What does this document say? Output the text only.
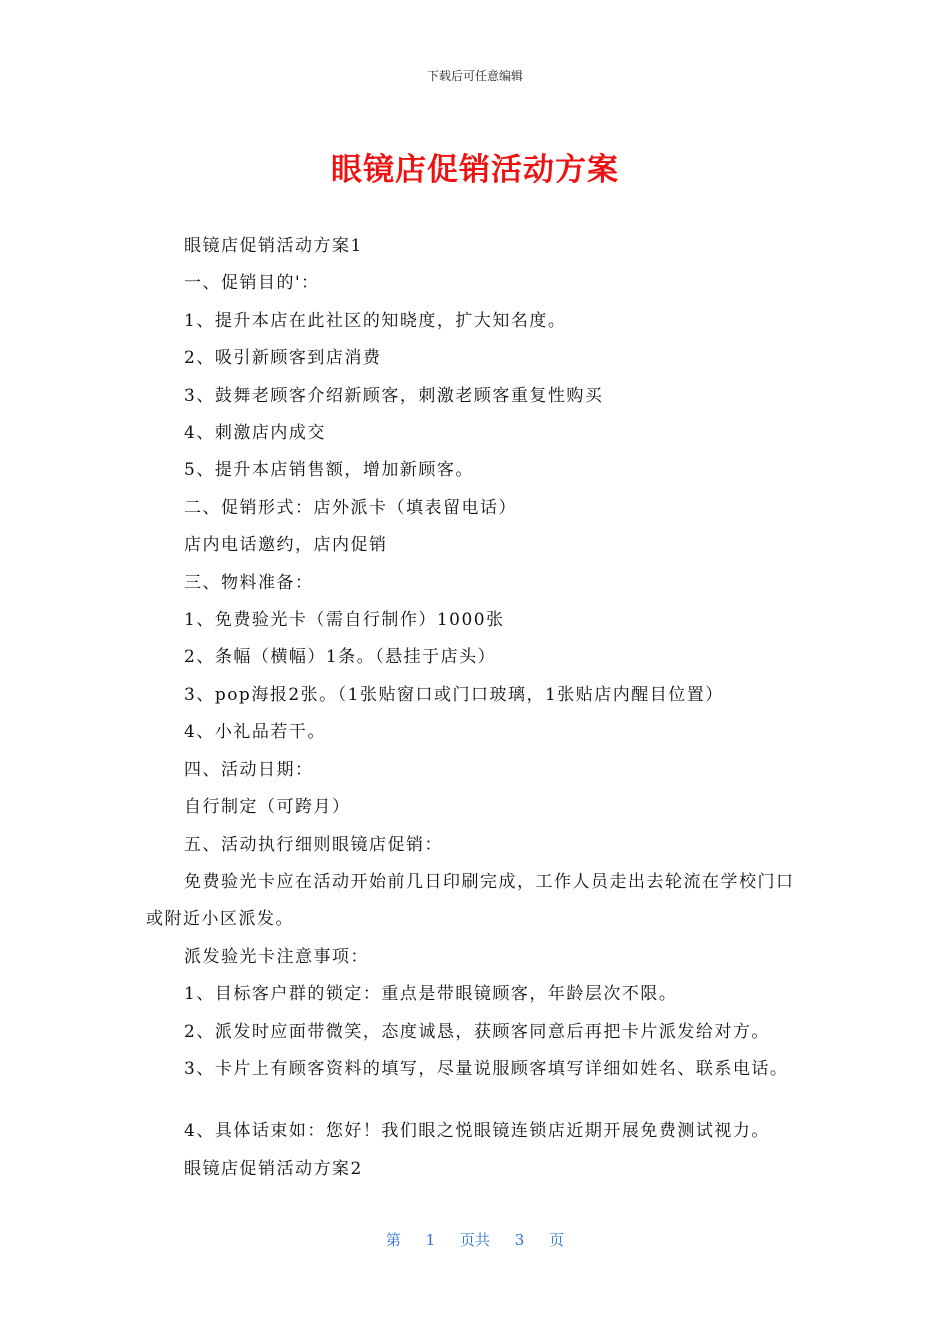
下载后可任意编辑
眼镜店促销活动方案

眼镜店促销活动方案1

一、促销目的'：

1、提升本店在此社区的知晓度，扩大知名度。

2、吸引新顾客到店消费

3、鼓舞老顾客介绍新顾客，刺激老顾客重复性购买

4、刺激店内成交

5、提升本店销售额，增加新顾客。

二、促销形式：店外派卡（填表留电话）

店内电话邀约，店内促销

三、物料准备：

1、免费验光卡（需自行制作）1000张

2、条幅（横幅）1条。（悬挂于店头）

3、pop海报2张。（1张贴窗口或门口玻璃，1张贴店内醒目位置）

4、小礼品若干。

四、活动日期：

自行制定（可跨月）

五、活动执行细则眼镜店促销：

免费验光卡应在活动开始前几日印刷完成，工作人员走出去轮流在学校门口或附近小区派发。

派发验光卡注意事项：

1、目标客户群的锁定：重点是带眼镜顾客，年龄层次不限。

2、派发时应面带微笑，态度诚恳，获顾客同意后再把卡片派发给对方。

3、卡片上有顾客资料的填写，尽量说服顾客填写详细如姓名、联系电话。

4、具体话束如：您好！我们眼之悦眼镜连锁店近期开展免费测试视力。

眼镜店促销活动方案2

第 1 页共 3 页
